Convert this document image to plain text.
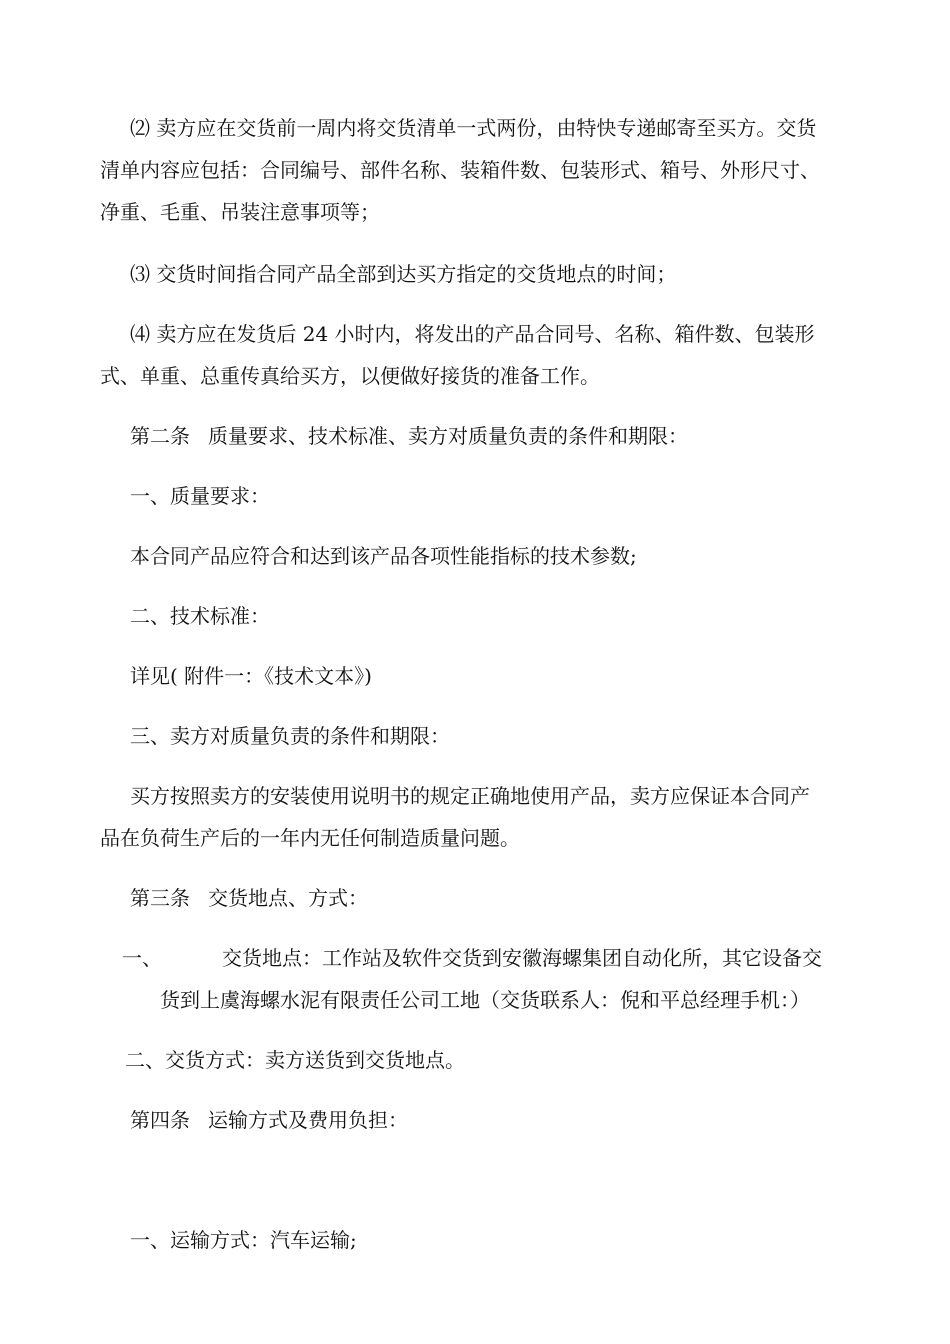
⑵ 卖方应在交货前一周内将交货清单一式两份，由特快专递邮寄至买方。交货
清单内容应包括：合同编号、部件名称、装箱件数、包装形式、箱号、外形尺寸、
净重、毛重、吊装注意事项等；
⑶ 交货时间指合同产品全部到达买方指定的交货地点的时间；
⑷ 卖方应在发货后 24 小时内，将发出的产品合同号、名称、箱件数、包装形
式、单重、总重传真给买方，以便做好接货的准备工作。
第二条 质量要求、技术标准、卖方对质量负责的条件和期限：
一、质量要求：
本合同产品应符合和达到该产品各项性能指标的技术参数;
二、技术标准：
详见( 附件一：《技术文本》)
三、卖方对质量负责的条件和期限：
买方按照卖方的安装使用说明书的规定正确地使用产品，卖方应保证本合同产
品在负荷生产后的一年内无任何制造质量问题。
第三条 交货地点、方式：
一、	交货地点：工作站及软件交货到安徽海螺集团自动化所，其它设备交
货到上虞海螺水泥有限责任公司工地（交货联系人：倪和平总经理手机：）
二、交货方式：卖方送货到交货地点。
第四条 运输方式及费用负担：
一、运输方式：汽车运输;
